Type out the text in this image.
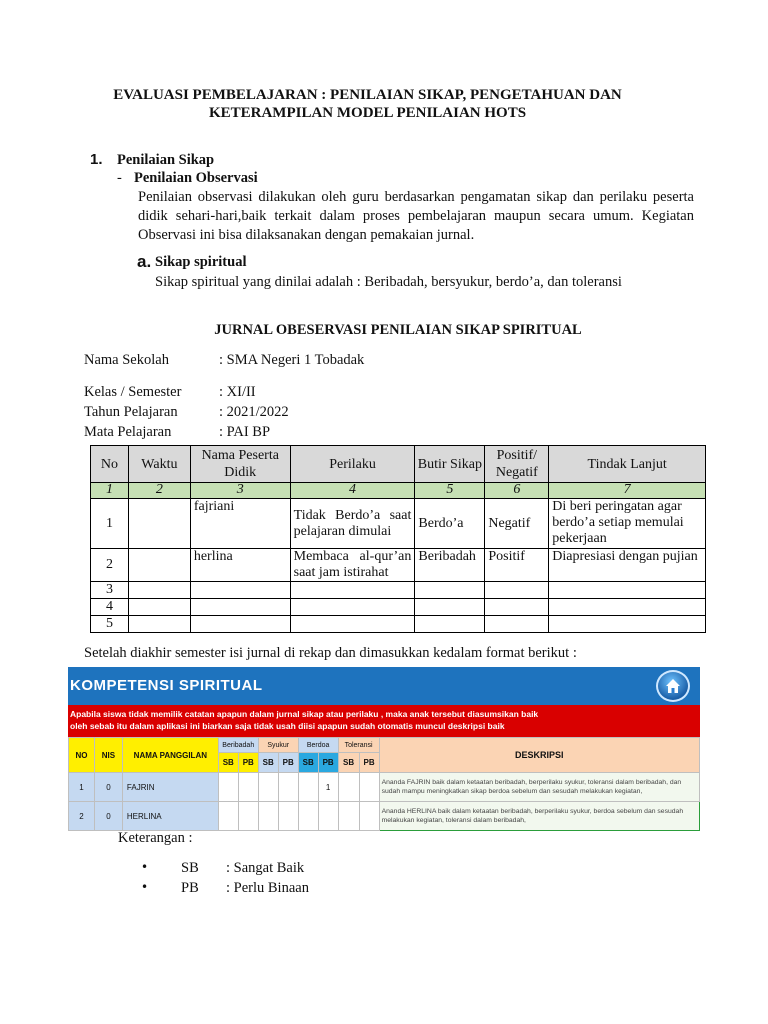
EVALUASI PEMBELAJARAN : PENILAIAN SIKAP, PENGETAHUAN DAN
KETERAMPILAN MODEL PENILAIAN HOTS
1. Penilaian Sikap
- Penilaian Observasi
Penilaian observasi dilakukan oleh guru berdasarkan pengamatan sikap dan perilaku peserta didik sehari-hari,baik terkait dalam proses pembelajaran maupun secara umum. Kegiatan Observasi ini bisa dilaksanakan dengan pemakaian jurnal.
a. Sikap spiritual
Sikap spiritual yang dinilai adalah : Beribadah, bersyukur, berdo’a, dan toleransi
JURNAL OBESERVASI PENILAIAN SIKAP SPIRITUAL
Nama Sekolah	: SMA Negeri 1 Tobadak
Kelas / Semester	: XI/II
Tahun Pelajaran	: 2021/2022
Mata Pelajaran	: PAI BP
No	Waktu	Nama Peserta Didik	Perilaku	Butir Sikap	Positif/ Negatif	Tindak Lanjut
1	2	3	4	5	6	7
1		fajriani	Tidak Berdo’a saat pelajaran dimulai	Berdo’a	Negatif	Di beri peringatan agar berdo’a setiap memulai pekerjaan
2		herlina	Membaca al-qur’an saat jam istirahat	Beribadah	Positif	Diapresiasi dengan pujian
3						
4						
5						
Setelah diakhir semester isi jurnal di rekap dan dimasukkan kedalam format berikut :
KOMPETENSI SPIRITUAL
Apabila siswa tidak memilik catatan apapun dalam jurnal sikap atau perilaku , maka anak tersebut diasumsikan baik
oleh sebab itu dalam aplikasi ini biarkan saja tidak usah diisi apapun sudah otomatis muncul deskripsi baik
NO	NIS	NAMA PANGGILAN	Beribadah		Syukur		Berdoa		Toleransi		DESKRIPSI
			SB	PB	SB	PB	SB	PB	SB	PB	
1	0	FAJRIN						1			Ananda FAJRIN baik dalam ketaatan beribadah, berperilaku syukur, toleransi dalam beribadah, dan sudah mampu meningkatkan sikap berdoa sebelum dan sesudah melakukan kegiatan,
2	0	HERLINA									Ananda HERLINA baik dalam ketaatan beribadah, berperilaku syukur, berdoa sebelum dan sesudah melakukan kegiatan, toleransi dalam beribadah,
Keterangan :
• SB : Sangat Baik
• PB : Perlu Binaan
